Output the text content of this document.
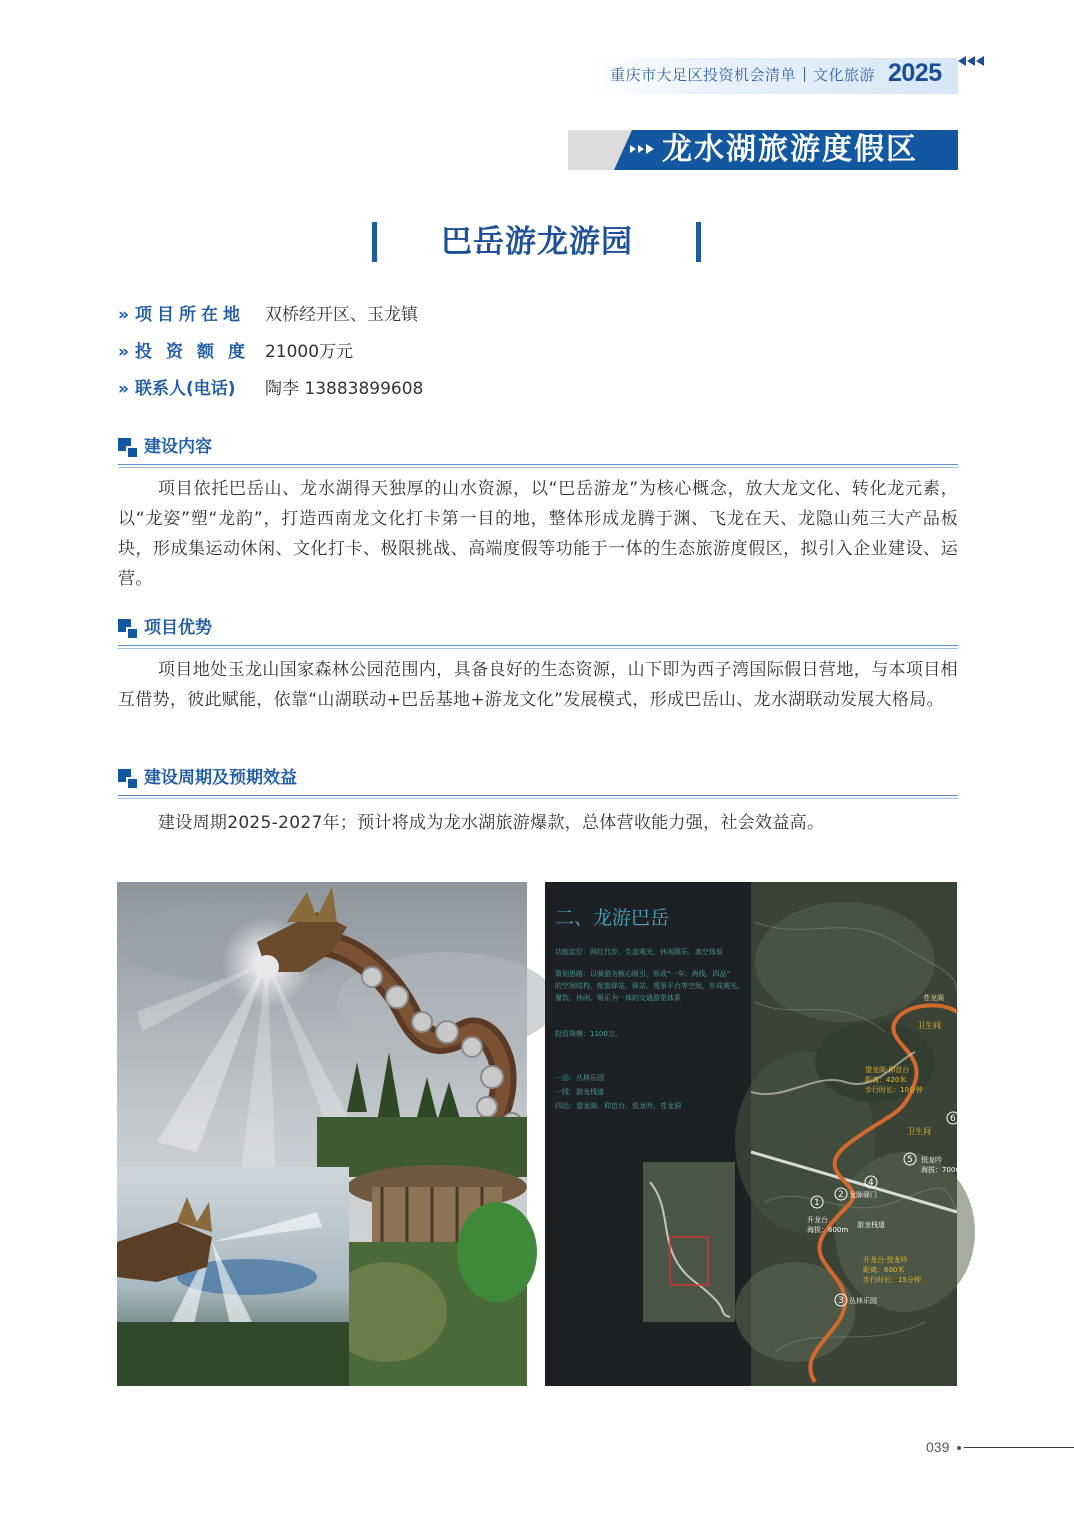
重庆市大足区投资机会清单 文化旅游 2025
龙水湖旅游度假区
巴岳游龙游园
» 项目所在地 双桥经开区、玉龙镇
» 投资额度 21000万元
» 联系人(电话) 陶李 13883899608
建设内容
项目依托巴岳山、龙水湖得天独厚的山水资源，以“巴岳游龙”为核心概念，放大龙文化、转化龙元素，以“龙姿”塑“龙韵”，打造西南龙文化打卡第一目的地，整体形成龙腾于渊、飞龙在天、龙隐山苑三大产品板块，形成集运动休闲、文化打卡、极限挑战、高端度假等功能于一体的生态旅游度假区，拟引入企业建设、运营。
项目优势
项目地处玉龙山国家森林公园范围内，具备良好的生态资源，山下即为西子湾国际假日营地，与本项目相互借势，彼此赋能，依靠“山湖联动+巴岳基地+游龙文化”发展模式，形成巴岳山、龙水湖联动发展大格局。
建设周期及预期效益
建设周期2025-2027年；预计将成为龙水湖旅游爆款，总体营收能力强，社会效益高。
1
2
3
4
5
6
苍龙阁
卫生间
望龙阁·仰首台
距离：420米
步行时长：10分钟
卫生间
悦龙吟
海拔：700m
龙脉驿门
升龙台
海拔：600m
游龙栈道
升龙台-悦龙吟
距离：600米
步行时长：15分钟
丛林乐园
二、龙游巴岳
功能定位：网红代步、生态观光、休闲娱乐、高空体验
策划思路：以骑游为核心吸引，形成“一车、两线、四品”
的空间结构，配套驿站、驿站、观景平台等空间，形成观光、
餐饮、休闲、娱乐为一体的交通游览体系
投资规模：1100万。
一品：丛林乐园
一线：游龙栈道
四品：望龙阁、仰首台、悦龙吟、苍龙洞
039
